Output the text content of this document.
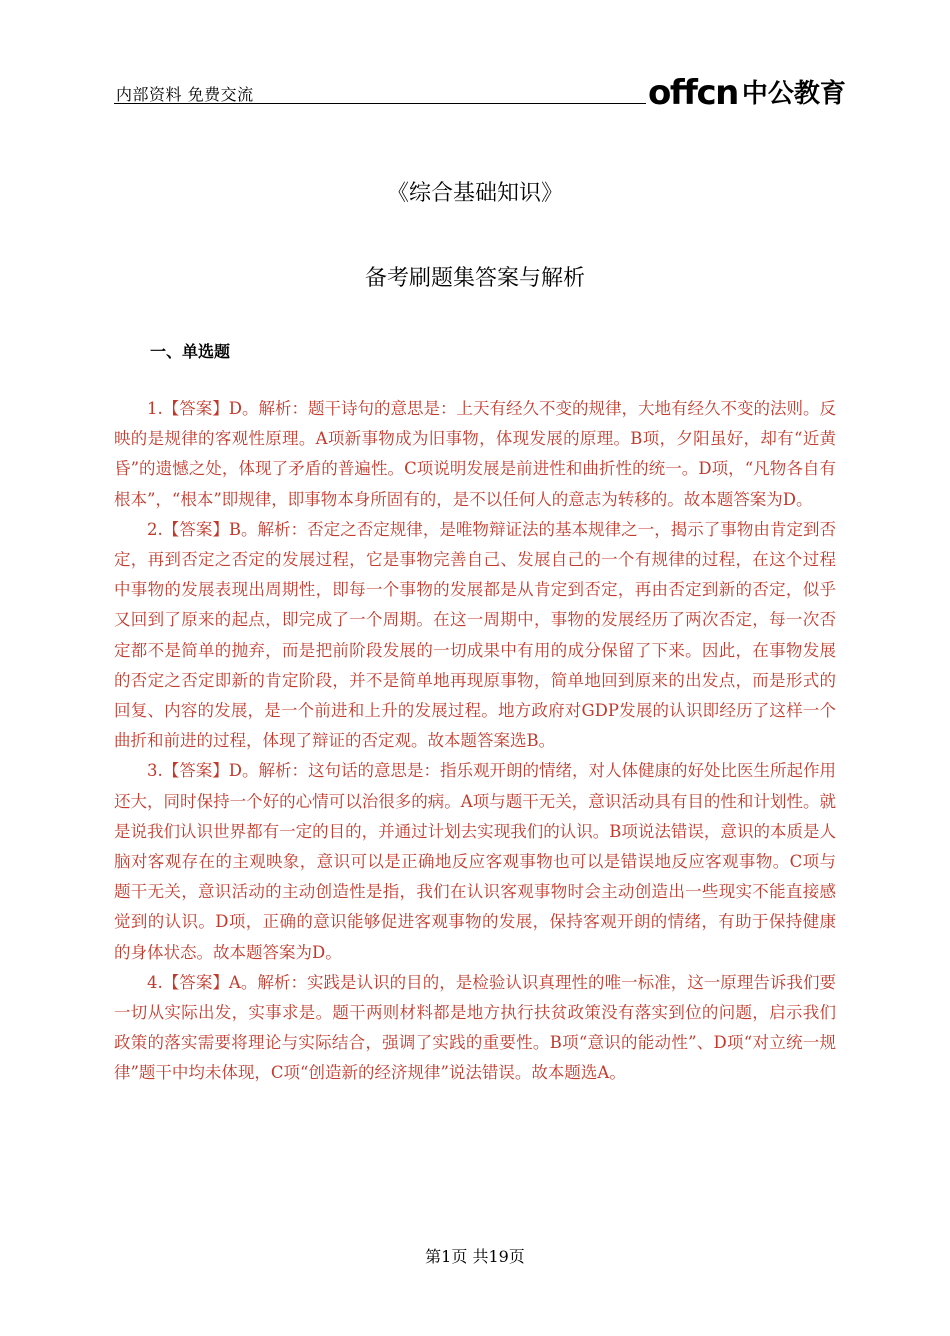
内部资料 免费交流	offcn 中公教育
《综合基础知识》
备考刷题集答案与解析
一、单选题

1.【答案】D。解析：题干诗句的意思是：上天有经久不变的规律，大地有经久不变的法则。反映的是规律的客观性原理。A项新事物成为旧事物，体现发展的原理。B项，夕阳虽好，却有“近黄昏”的遗憾之处，体现了矛盾的普遍性。C项说明发展是前进性和曲折性的统一。D项，“凡物各自有根本”，“根本”即规律，即事物本身所固有的，是不以任何人的意志为转移的。故本题答案为D。

2.【答案】B。解析：否定之否定规律，是唯物辩证法的基本规律之一，揭示了事物由肯定到否定，再到否定之否定的发展过程，它是事物完善自己、发展自己的一个有规律的过程，在这个过程中事物的发展表现出周期性，即每一个事物的发展都是从肯定到否定，再由否定到新的否定，似乎又回到了原来的起点，即完成了一个周期。在这一周期中，事物的发展经历了两次否定，每一次否定都不是简单的抛弃，而是把前阶段发展的一切成果中有用的成分保留了下来。因此，在事物发展的否定之否定即新的肯定阶段，并不是简单地再现原事物，简单地回到原来的出发点，而是形式的回复、内容的发展，是一个前进和上升的发展过程。地方政府对GDP发展的认识即经历了这样一个曲折和前进的过程，体现了辩证的否定观。故本题答案选B。

3.【答案】D。解析：这句话的意思是：指乐观开朗的情绪，对人体健康的好处比医生所起作用还大，同时保持一个好的心情可以治很多的病。A项与题干无关，意识活动具有目的性和计划性。就是说我们认识世界都有一定的目的，并通过计划去实现我们的认识。B项说法错误，意识的本质是人脑对客观存在的主观映象，意识可以是正确地反应客观事物也可以是错误地反应客观事物。C项与题干无关，意识活动的主动创造性是指，我们在认识客观事物时会主动创造出一些现实不能直接感觉到的认识。D项，正确的意识能够促进客观事物的发展，保持客观开朗的情绪，有助于保持健康的身体状态。故本题答案为D。

4.【答案】A。解析：实践是认识的目的，是检验认识真理性的唯一标准，这一原理告诉我们要一切从实际出发，实事求是。题干两则材料都是地方执行扶贫政策没有落实到位的问题，启示我们政策的落实需要将理论与实际结合，强调了实践的重要性。B项“意识的能动性”、D项“对立统一规律”题干中均未体现，C项“创造新的经济规律”说法错误。故本题选A。

第1页 共19页
